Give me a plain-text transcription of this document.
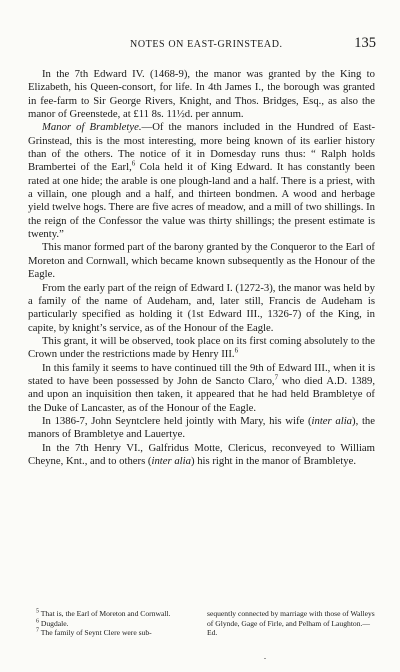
NOTES ON EAST-GRINSTEAD.	135

In the 7th Edward IV. (1468-9), the manor was granted by the King to Elizabeth, his Queen-consort, for life. In 4th James I., the borough was granted in fee-farm to Sir George Rivers, Knight, and Thos. Bridges, Esq., as also the manor of Greenstede, at £11 8s. 11½d. per annum.

Manor of Brambletye.—Of the manors included in the Hundred of East-Grinstead, this is the most interesting, more being known of its earlier history than of the others. The notice of it in Domesday runs thus: “ Ralph holds Brambertei of the Earl,$^6$ Cola held it of King Edward. It has constantly been rated at one hide; the arable is one plough-land and a half. There is a priest, with a villain, one plough and a half, and thirteen bondmen. A wood and herbage yield twelve hogs. There are five acres of meadow, and a mill of two shillings. In the reign of the Confessor the value was thirty shillings; the present estimate is twenty.”

This manor formed part of the barony granted by the Conqueror to the Earl of Moreton and Cornwall, which became known subsequently as the Honour of the Eagle.

From the early part of the reign of Edward I. (1272-3), the manor was held by a family of the name of Audeham, and, later still, Francis de Audeham is particularly specified as holding it (1st Edward III., 1326-7) of the King, in capite, by knight’s service, as of the Honour of the Eagle.

This grant, it will be observed, took place on its first coming absolutely to the Crown under the restrictions made by Henry III.$^6$

In this family it seems to have continued till the 9th of Edward III., when it is stated to have been possessed by John de Sancto Claro,$^7$ who died A.D. 1389, and upon an inquisition then taken, it appeared that he had held Brambletye of the Duke of Lancaster, as of the Honour of the Eagle.

In 1386-7, John Seyntclere held jointly with Mary, his wife (inter alia), the manors of Brambletye and Lauertye.

In the 7th Henry VI., Galfridus Motte, Clericus, reconveyed to William Cheyne, Knt., and to others (inter alia) his right in the manor of Brambletye.

$^5$ That is, the Earl of Moreton and Cornwall.

$^6$ Dugdale.

$^7$ The family of Seynt Clere were sub-

sequently connected by marriage with those of Walleys of Glynde, Gage of Firle, and Pelham of Laughton.—Ed.
